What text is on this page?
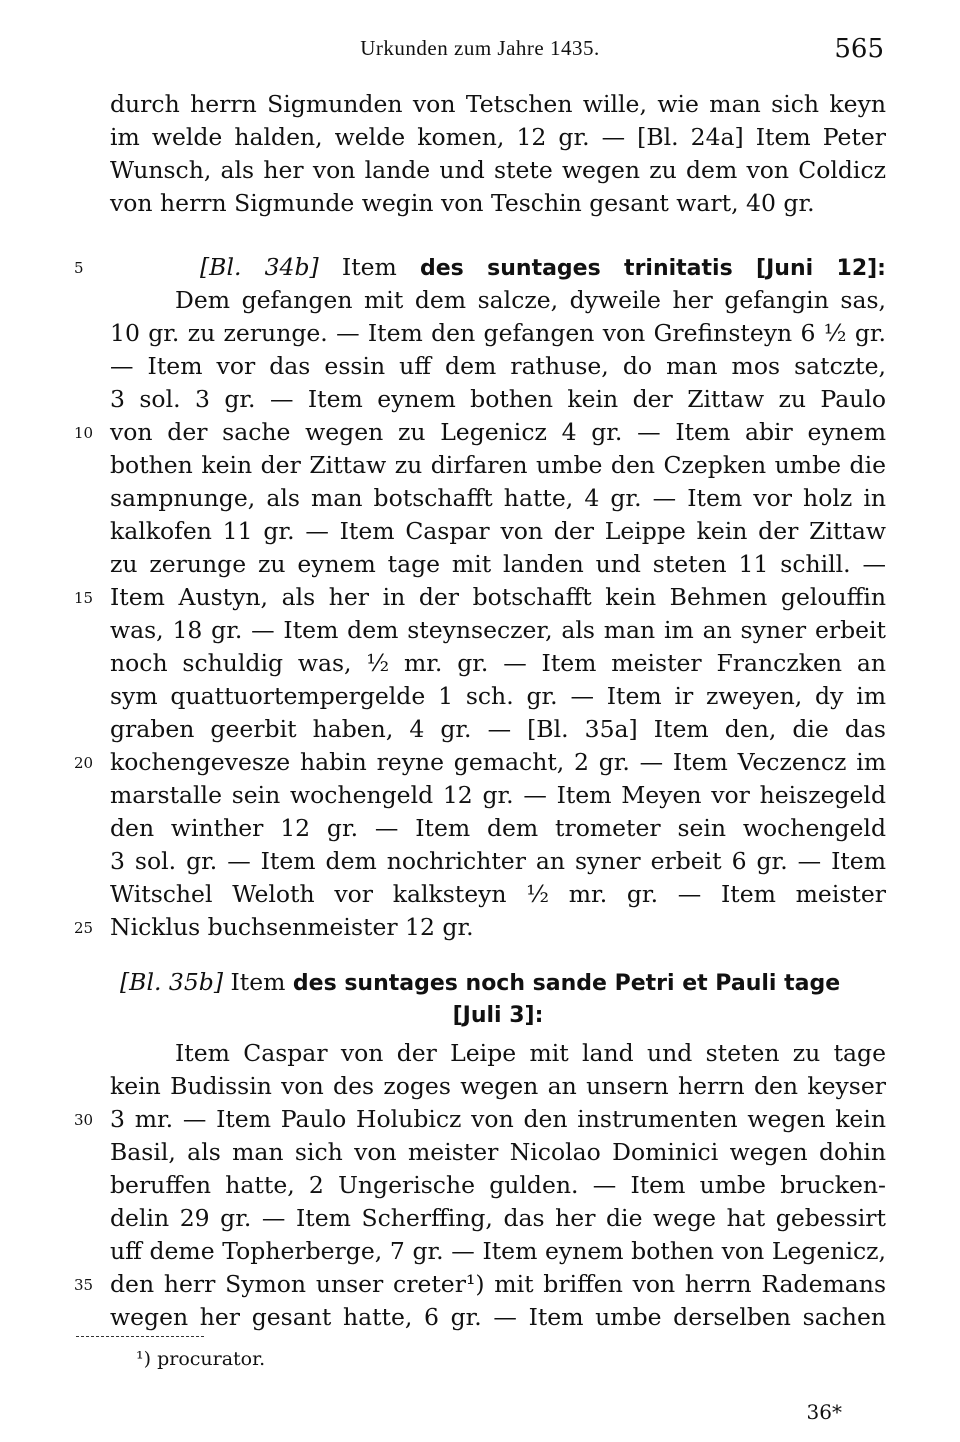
Urkunden zum Jahre 1435.	565
durch herrn Sigmunden von Tetschen wille, wie man sich keyn
im welde halden, welde komen, 12 gr. — [Bl. 24a] Item Peter
Wunsch, als her von lande und stete wegen zu dem von Coldicz
von herrn Sigmunde wegin von Teschin gesant wart, 40 gr.
5	[Bl. 34b] Item des suntages trinitatis [Juni 12]:
Dem gefangen mit dem salcze, dyweile her gefangin sas,
10 gr. zu zerunge. — Item den gefangen von Grefinsteyn 6 ½ gr.
— Item vor das essin uff dem rathuse, do man mos satczte,
3 sol. 3 gr. — Item eynem bothen kein der Zittaw zu Paulo
10 von der sache wegen zu Legenicz 4 gr. — Item abir eynem
bothen kein der Zittaw zu dirfaren umbe den Czepken umbe die
sampnunge, als man botschafft hatte, 4 gr. — Item vor holz in
kalkofen 11 gr. — Item Caspar von der Leippe kein der Zittaw
zu zerunge zu eynem tage mit landen und steten 11 schill. —
15 Item Austyn, als her in der botschafft kein Behmen gelouffin
was, 18 gr. — Item dem steynseczer, als man im an syner erbeit
noch schuldig was, ½ mr. gr. — Item meister Franczken an
sym quattuortempergelde 1 sch. gr. — Item ir zweyen, dy im
graben geerbit haben, 4 gr. — [Bl. 35a] Item den, die das
20 kochengevesze habin reyne gemacht, 2 gr. — Item Veczencz im
marstalle sein wochengeld 12 gr. — Item Meyen vor heiszegeld
den winther 12 gr. — Item dem trometer sein wochengeld
3 sol. gr. — Item dem nochrichter an syner erbeit 6 gr. — Item
Witschel Weloth vor kalksteyn ½ mr. gr. — Item meister
25 Nicklus buchsenmeister 12 gr.
[Bl. 35b] Item des suntages noch sande Petri et Pauli tage
[Juli 3]:
Item Caspar von der Leipe mit land und steten zu tage
kein Budissin von des zoges wegen an unsern herrn den keyser
30 3 mr. — Item Paulo Holubicz von den instrumenten wegen kein
Basil, als man sich von meister Nicolao Dominici wegen dohin
beruffen hatte, 2 Ungerische gulden. — Item umbe brucken-
delin 29 gr. — Item Scherffing, das her die wege hat gebessirt
uff deme Topherberge, 7 gr. — Item eynem bothen von Legenicz,
35 den herr Symon unser creter¹) mit briffen von herrn Rademans
wegen her gesant hatte, 6 gr. — Item umbe derselben sachen
¹) procurator.
36*
